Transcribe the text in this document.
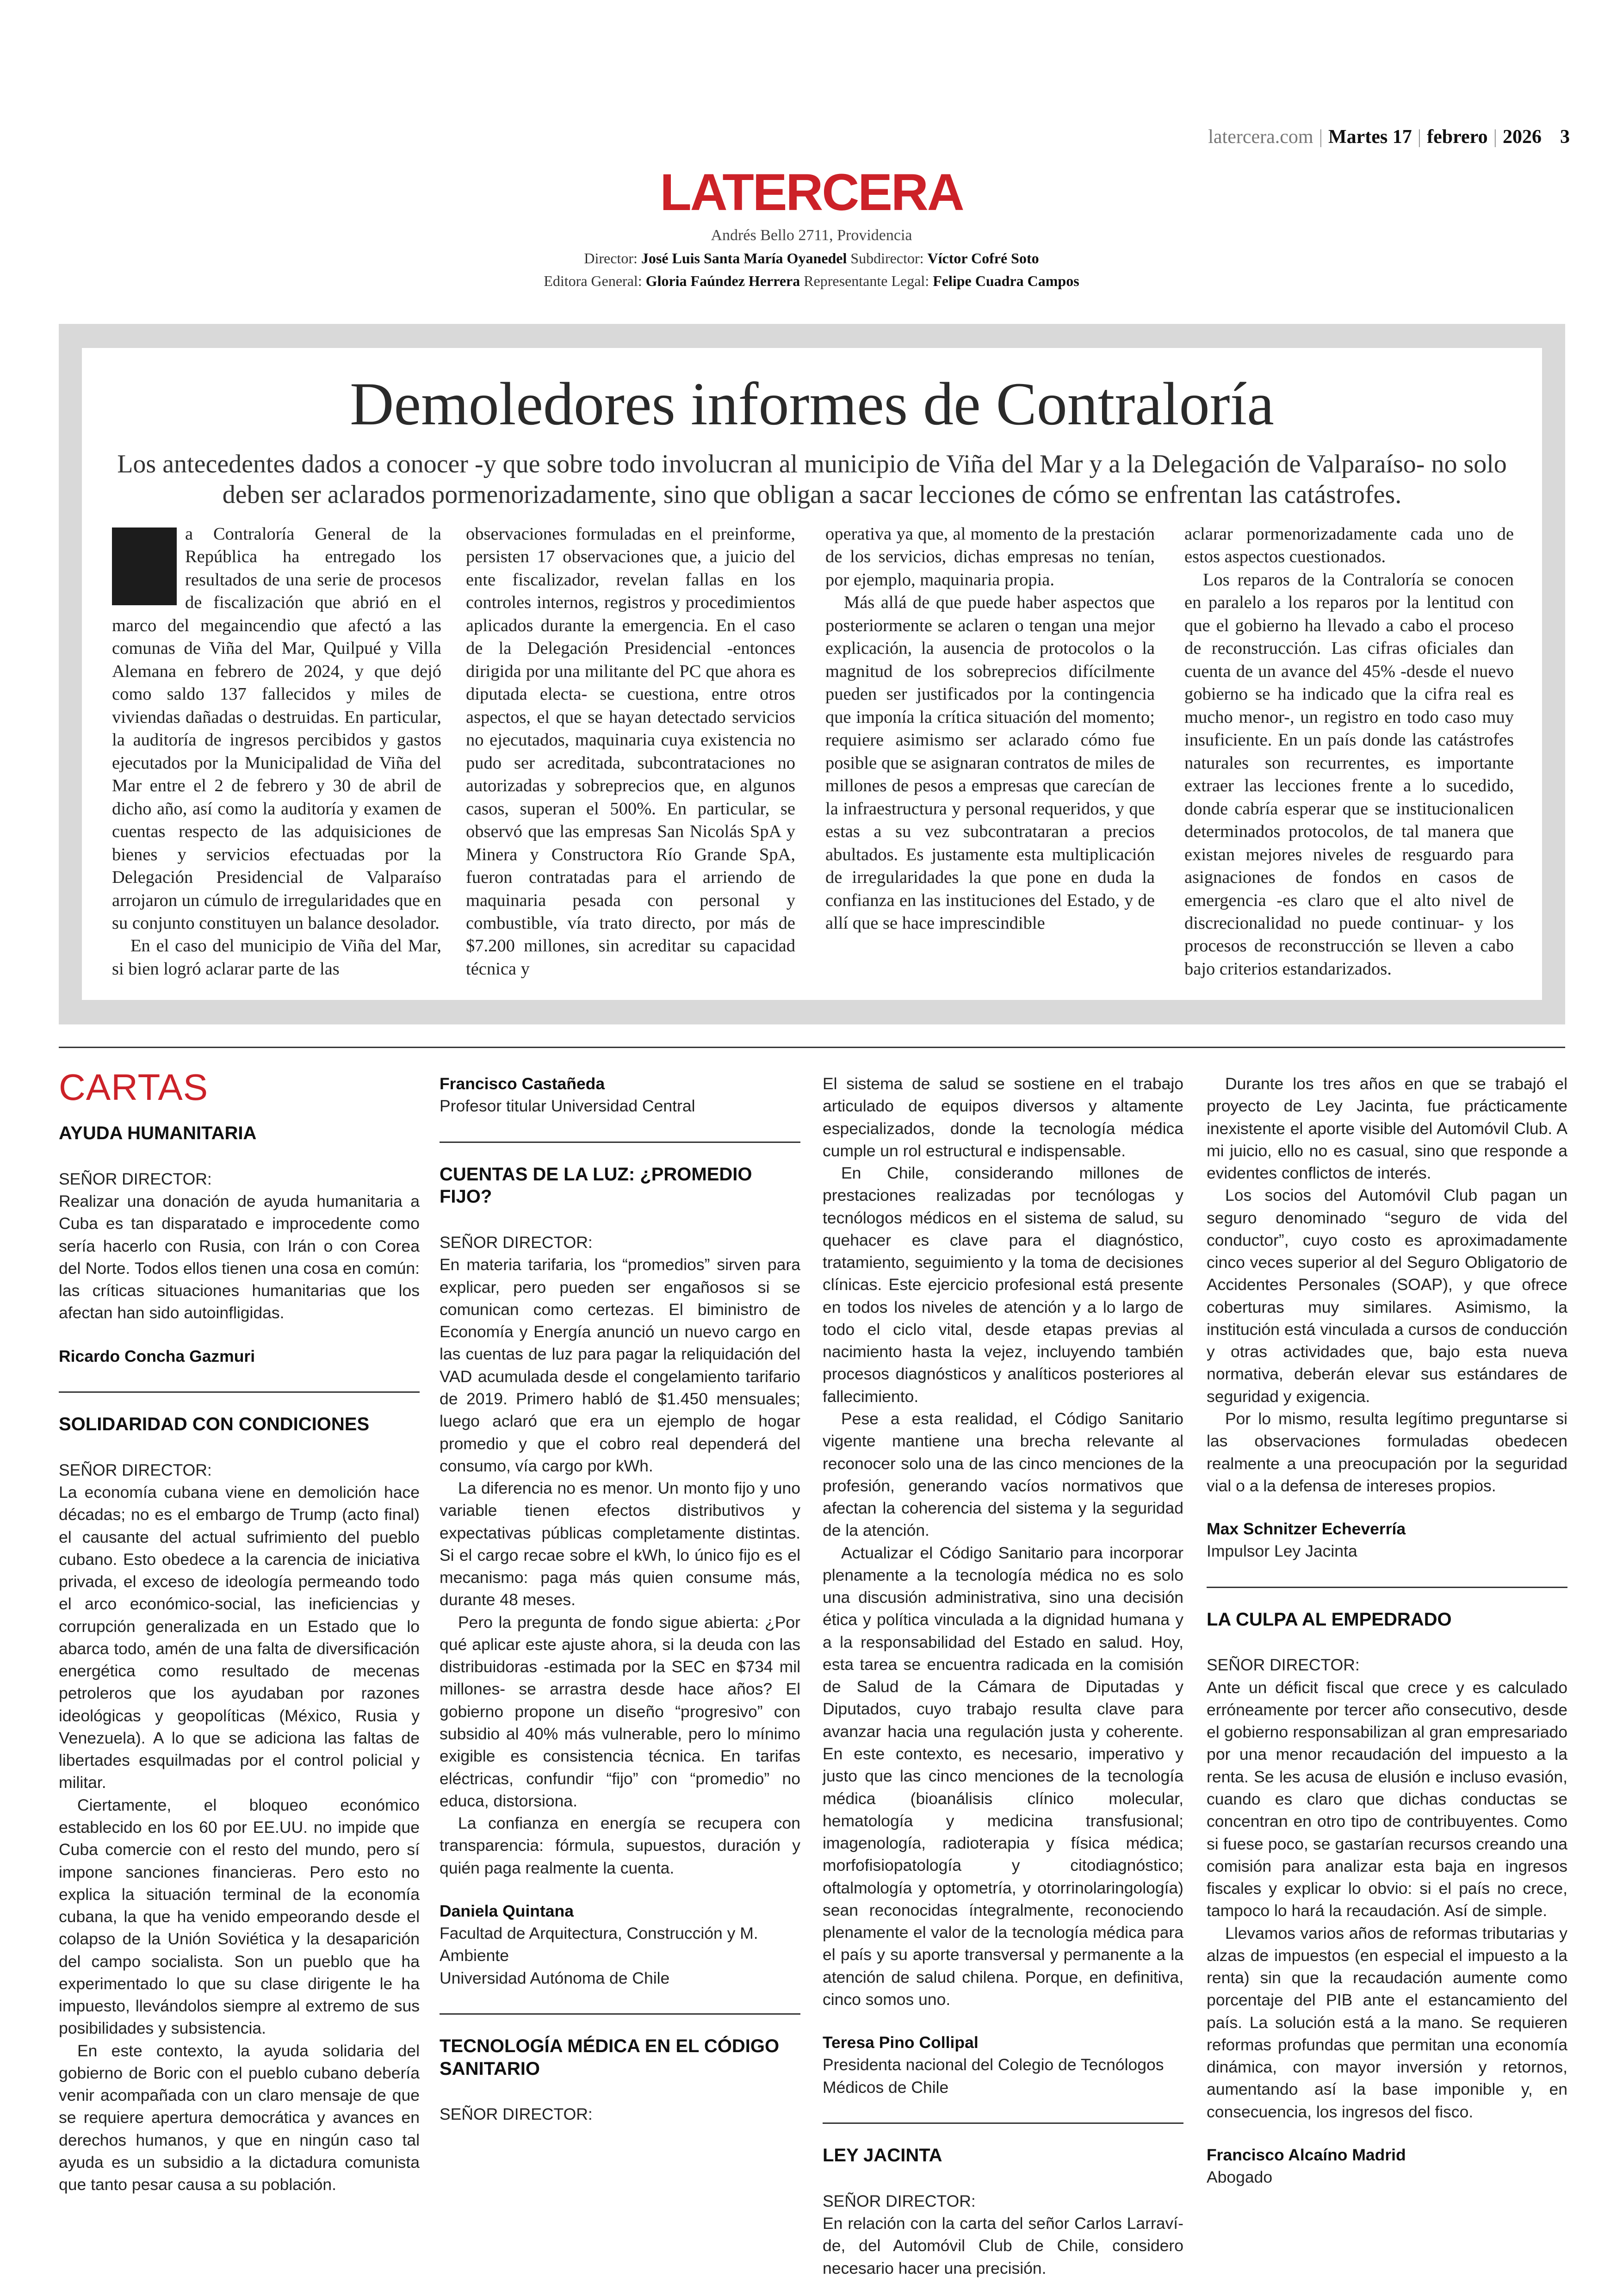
latercera.com | Martes 17 | febrero | 2026 3
LATERCERA
Andrés Bello 2711, Providencia
Director: José Luis Santa María Oyanedel Subdirector: Víctor Cofré Soto
Editora General: Gloria Faúndez Herrera Representante Legal: Felipe Cuadra Campos
Demoledores informes de Contraloría
Los antecedentes dados a conocer -y que sobre todo involucran al municipio de Viña del Mar y a la Delegación de Valparaíso- no solo deben ser aclarados pormenorizadamente, sino que obligan a sacar lecciones de cómo se enfrentan las catástrofes.

L a Contraloría General de la República ha entregado los resultados de una serie de procesos de fiscalización que abrió en el marco del megaincendio que afectó a las comunas de Viña del Mar, Quilpué y Villa Alemana en febrero de 2024, y que dejó como saldo 137 fallecidos y miles de viviendas dañadas o destruidas. En particular, la auditoría de ingresos percibidos y gastos ejecutados por la Municipalidad de Viña del Mar entre el 2 de febrero y 30 de abril de dicho año, así como la auditoría y examen de cuentas respecto de las adquisiciones de bienes y servicios efectuadas por la Delegación Presidencial de Valparaíso arrojaron un cúmulo de irregularidades que en su conjunto constituyen un balance desolador.

En el caso del municipio de Viña del Mar, si bien logró aclarar parte de las

observaciones formuladas en el preinforme, persisten 17 observaciones que, a juicio del ente fiscalizador, revelan fallas en los controles internos, registros y procedimientos aplicados durante la emergencia. En el caso de la Delegación Presidencial -entonces dirigida por una militante del PC que ahora es diputada electa- se cuestiona, entre otros aspectos, el que se hayan detectado servicios no ejecutados, maquinaria cuya existencia no pudo ser acreditada, subcontrataciones no autorizadas y sobreprecios que, en algunos casos, superan el 500%. En particular, se observó que las empresas San Nicolás SpA y Minera y Constructora Río Grande SpA, fueron contratadas para el arriendo de maquinaria pesada con personal y combustible, vía trato directo, por más de $7.200 millones, sin acreditar su capacidad técnica y

operativa ya que, al momento de la prestación de los servicios, dichas empresas no tenían, por ejemplo, maquinaria propia.

Más allá de que puede haber aspectos que posteriormente se aclaren o tengan una mejor explicación, la ausencia de protocolos o la magnitud de los sobreprecios difícilmente pueden ser justificados por la contingencia que imponía la crítica situación del momento; requiere asimismo ser aclarado cómo fue posible que se asignaran contratos de miles de millones de pesos a empresas que carecían de la infraestructura y personal requeridos, y que estas a su vez subcontrataran a precios abultados. Es justamente esta multiplicación de irregularidades la que pone en duda la confianza en las instituciones del Estado, y de allí que se hace imprescindible

aclarar pormenorizadamente cada uno de estos aspectos cuestionados.

Los reparos de la Contraloría se conocen en paralelo a los reparos por la lentitud con que el gobierno ha llevado a cabo el proceso de reconstrucción. Las cifras oficiales dan cuenta de un avance del 45% -desde el nuevo gobierno se ha indicado que la cifra real es mucho menor-, un registro en todo caso muy insuficiente. En un país donde las catástrofes naturales son recurrentes, es importante extraer las lecciones frente a lo sucedido, donde cabría esperar que se institucionalicen determinados protocolos, de tal manera que existan mejores niveles de resguardo para asignaciones de fondos en casos de emergencia -es claro que el alto nivel de discrecionalidad no puede continuar- y los procesos de reconstrucción se lleven a cabo bajo criterios estandarizados.

CARTAS
AYUDA HUMANITARIA
SEÑOR DIRECTOR:

Realizar una donación de ayuda humanitaria a Cuba es tan disparatado e improcedente como sería hacerlo con Rusia, con Irán o con Corea del Norte. Todos ellos tienen una cosa en común: las críticas situaciones humanitarias que los afectan han sido autoinfligidas.

Ricardo Concha Gazmuri
SOLIDARIDAD CON CONDICIONES
SEÑOR DIRECTOR:

La economía cubana viene en demolición hace décadas; no es el embargo de Trump (acto final) el causante del actual sufrimiento del pueblo cubano. Esto obedece a la carencia de iniciativa privada, el exceso de ideología permeando todo el arco económico-social, las ineficiencias y corrupción generalizada en un Estado que lo abarca todo, amén de una falta de diversificación energética como resultado de mecenas petroleros que los ayudaban por razones ideológicas y geopolíticas (México, Rusia y Venezuela). A lo que se adiciona las faltas de libertades esquilmadas por el control policial y militar.

Ciertamente, el bloqueo económico establecido en los 60 por EE.UU. no impide que Cuba comercie con el resto del mundo, pero sí impone sanciones financieras. Pero esto no explica la situación terminal de la economía cubana, la que ha venido empeorando desde el colapso de la Unión Soviética y la desaparición del campo socialista. Son un pueblo que ha experimentado lo que su clase dirigente le ha impuesto, llevándolos siempre al extremo de sus posibilidades y subsistencia.

En este contexto, la ayuda solidaria del gobierno de Boric con el pueblo cubano debería venir acompañada con un claro mensaje de que se requiere apertura democrática y avances en derechos humanos, y que en ningún caso tal ayuda es un subsidio a la dictadura comunista que tanto pesar causa a su población.

Francisco Castañeda
Profesor titular Universidad Central
CUENTAS DE LA LUZ: ¿PROMEDIO FIJO?
SEÑOR DIRECTOR:

En materia tarifaria, los “promedios” sirven para explicar, pero pueden ser engañosos si se comunican como certezas. El biministro de Economía y Energía anunció un nuevo cargo en las cuentas de luz para pagar la reliquidación del VAD acumulada desde el congelamiento tarifario de 2019. Primero habló de $1.450 mensuales; luego aclaró que era un ejemplo de hogar promedio y que el cobro real dependerá del consumo, vía cargo por kWh.

La diferencia no es menor. Un monto fijo y uno variable tienen efectos distributivos y expectativas públicas completamente distintas. Si el cargo recae sobre el kWh, lo único fijo es el mecanismo: paga más quien consume más, durante 48 meses.

Pero la pregunta de fondo sigue abierta: ¿Por qué aplicar este ajuste ahora, si la deuda con las distribuidoras -estimada por la SEC en $734 mil millones- se arrastra desde hace años? El gobierno propone un diseño “progresivo” con subsidio al 40% más vulnerable, pero lo mínimo exigible es consistencia técnica. En tarifas eléctricas, confundir “fijo” con “promedio” no educa, distorsiona.

La confianza en energía se recupera con transparencia: fórmula, supuestos, duración y quién paga realmente la cuenta.

Daniela Quintana
Facultad de Arquitectura, Construcción y M. Ambiente
Universidad Autónoma de Chile
TECNOLOGÍA MÉDICA EN EL CÓDIGO SANITARIO
SEÑOR DIRECTOR:

El sistema de salud se sostiene en el trabajo articulado de equipos diversos y altamente especializados, donde la tecnología médica cumple un rol estructural e indispensable.

En Chile, considerando millones de prestaciones realizadas por tecnólogas y tecnólogos médicos en el sistema de salud, su quehacer es clave para el diagnóstico, tratamiento, seguimiento y la toma de decisiones clínicas. Este ejercicio profesional está presente en todos los niveles de atención y a lo largo de todo el ciclo vital, desde etapas previas al nacimiento hasta la vejez, incluyendo también procesos diagnósticos y analíticos posteriores al fallecimiento.

Pese a esta realidad, el Código Sanitario vigente mantiene una brecha relevante al reconocer solo una de las cinco menciones de la profesión, generando vacíos normativos que afectan la coherencia del sistema y la seguridad de la atención.

Actualizar el Código Sanitario para incorporar plenamente a la tecnología médica no es solo una discusión administrativa, sino una decisión ética y política vinculada a la dignidad humana y a la responsabilidad del Estado en salud. Hoy, esta tarea se encuentra radicada en la comisión de Salud de la Cámara de Diputadas y Diputados, cuyo trabajo resulta clave para avanzar hacia una regulación justa y coherente. En este contexto, es necesario, imperativo y justo que las cinco menciones de la tecnología médica (bioanálisis clínico molecular, hematología y medicina transfusional; imagenología, radioterapia y física médica; morfofisiopatología y citodiagnóstico; oftalmología y optometría, y otorrinolaringología) sean reconocidas íntegralmente, reconociendo plenamente el valor de la tecnología médica para el país y su aporte transversal y permanente a la atención de salud chilena. Porque, en definitiva, cinco somos uno.

Teresa Pino Collipal
Presidenta nacional del Colegio de Tecnólogos Médicos de Chile
LEY JACINTA
SEÑOR DIRECTOR:

En relación con la carta del señor Carlos Larravíde, del Automóvil Club de Chile, considero necesario hacer una precisión.

Durante los tres años en que se trabajó el proyecto de Ley Jacinta, fue prácticamente inexistente el aporte visible del Automóvil Club. A mi juicio, ello no es casual, sino que responde a evidentes conflictos de interés.

Los socios del Automóvil Club pagan un seguro denominado “seguro de vida del conductor”, cuyo costo es aproximadamente cinco veces superior al del Seguro Obligatorio de Accidentes Personales (SOAP), y que ofrece coberturas muy similares. Asimismo, la institución está vinculada a cursos de conducción y otras actividades que, bajo esta nueva normativa, deberán elevar sus estándares de seguridad y exigencia.

Por lo mismo, resulta legítimo preguntarse si las observaciones formuladas obedecen realmente a una preocupación por la seguridad vial o a la defensa de intereses propios.

Max Schnitzer Echeverría
Impulsor Ley Jacinta
LA CULPA AL EMPEDRADO
SEÑOR DIRECTOR:

Ante un déficit fiscal que crece y es calculado erróneamente por tercer año consecutivo, desde el gobierno responsabilizan al gran empresariado por una menor recaudación del impuesto a la renta. Se les acusa de elusión e incluso evasión, cuando es claro que dichas conductas se concentran en otro tipo de contribuyentes. Como si fuese poco, se gastarían recursos creando una comisión para analizar esta baja en ingresos fiscales y explicar lo obvio: si el país no crece, tampoco lo hará la recaudación. Así de simple.

Llevamos varios años de reformas tributarias y alzas de impuestos (en especial el impuesto a la renta) sin que la recaudación aumente como porcentaje del PIB ante el estancamiento del país. La solución está a la mano. Se requieren reformas profundas que permitan una economía dinámica, con mayor inversión y retornos, aumentando así la base imponible y, en consecuencia, los ingresos del fisco.

Francisco Alcaíno Madrid
Abogado
